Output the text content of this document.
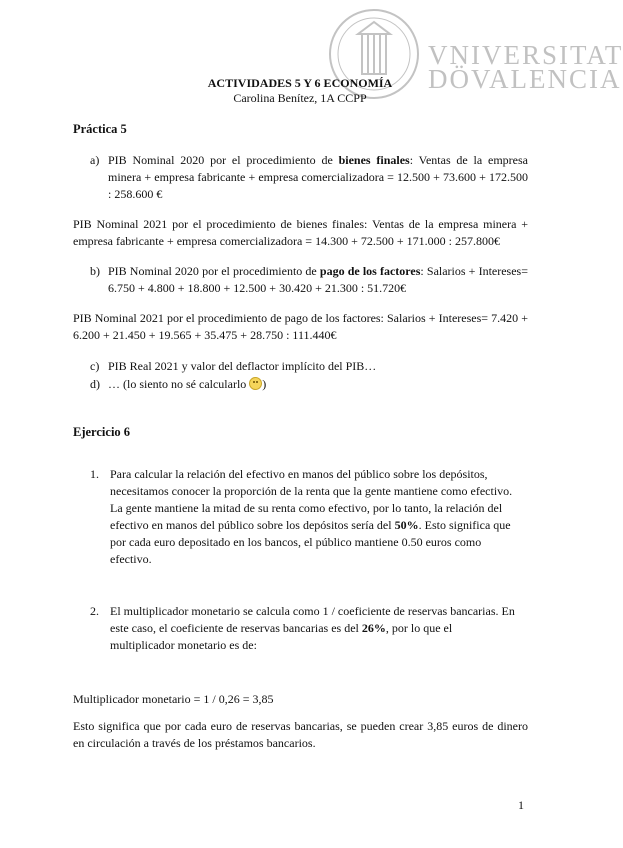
VNIVERSITAT
DÖVALENCIA
ACTIVIDADES 5 Y 6 ECONOMÍA
Carolina Benítez, 1A CCPP
Práctica 5
a) PIB Nominal 2020 por el procedimiento de bienes finales: Ventas de la empresa minera + empresa fabricante + empresa comercializadora = 12.500 + 73.600 + 172.500 : 258.600 €
PIB Nominal 2021 por el procedimiento de bienes finales: Ventas de la empresa minera + empresa fabricante + empresa comercializadora = 14.300 + 72.500 + 171.000 : 257.800€
b) PIB Nominal 2020 por el procedimiento de pago de los factores: Salarios + Intereses= 6.750 + 4.800 + 18.800 + 12.500 + 30.420 + 21.300 : 51.720€
PIB Nominal 2021 por el procedimiento de pago de los factores: Salarios + Intereses= 7.420 + 6.200 + 21.450 + 19.565 + 35.475 + 28.750 : 111.440€
c) PIB Real 2021 y valor del deflactor implícito del PIB…
d) … (lo siento no sé calcularlo )
Ejercicio 6
1. Para calcular la relación del efectivo en manos del público sobre los depósitos, necesitamos conocer la proporción de la renta que la gente mantiene como efectivo. La gente mantiene la mitad de su renta como efectivo, por lo tanto, la relación del efectivo en manos del público sobre los depósitos sería del 50%. Esto significa que por cada euro depositado en los bancos, el público mantiene 0.50 euros como efectivo.
2. El multiplicador monetario se calcula como 1 / coeficiente de reservas bancarias. En este caso, el coeficiente de reservas bancarias es del 26%, por lo que el multiplicador monetario es de:
Multiplicador monetario = 1 / 0,26 = 3,85
Esto significa que por cada euro de reservas bancarias, se pueden crear 3,85 euros de dinero en circulación a través de los préstamos bancarios.
1
